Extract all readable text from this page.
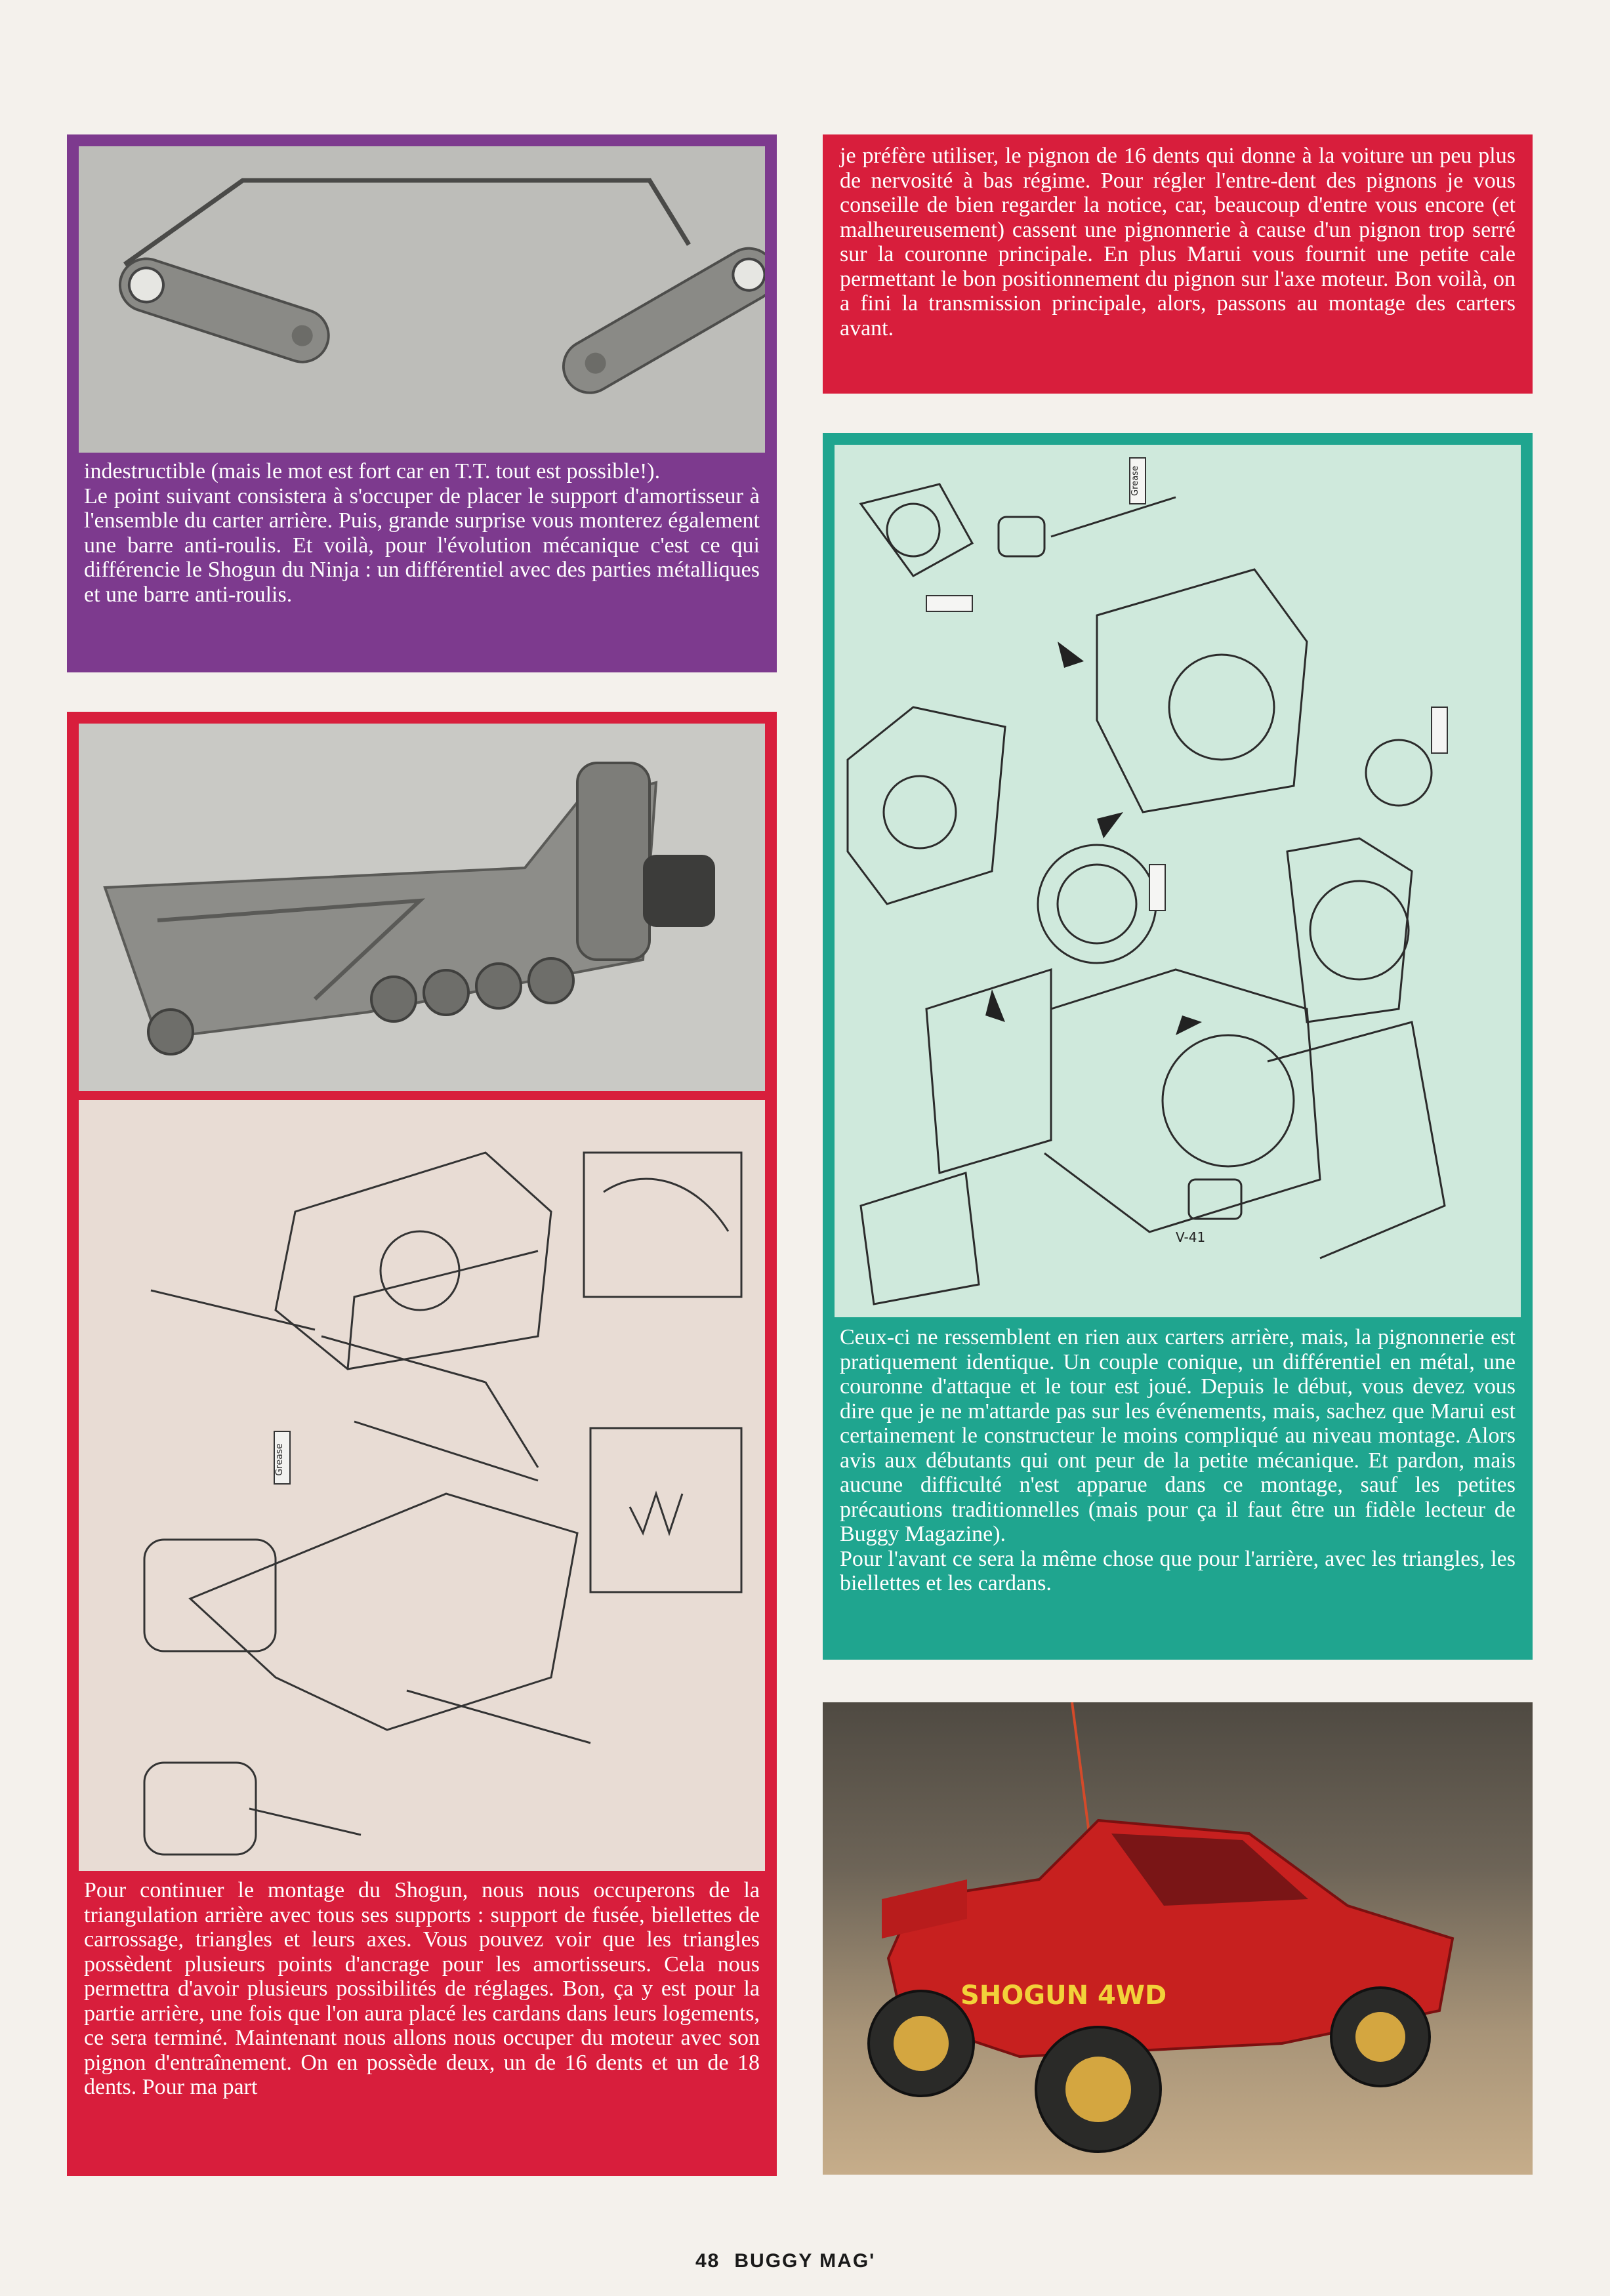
indestructible (mais le mot est fort car en T.T. tout est possible!).
Le point suivant consistera à s'occuper de placer le support d'amortisseur à l'ensemble du carter arrière. Puis, grande surprise vous monterez également une barre anti-roulis. Et voilà, pour l'évolution mécanique c'est ce qui différencie le Shogun du Ninja : un différentiel avec des parties métalliques et une barre anti-roulis.
Grease
Pour continuer le montage du Shogun, nous nous occuperons de la triangulation arrière avec tous ses supports : support de fusée, biellettes de carrossage, triangles et leurs axes. Vous pouvez voir que les triangles possèdent plusieurs points d'ancrage pour les amortisseurs. Cela nous permettra d'avoir plusieurs possibilités de réglages. Bon, ça y est pour la partie arrière, une fois que l'on aura placé les cardans dans leurs logements, ce sera terminé. Maintenant nous allons nous occuper du moteur avec son pignon d'entraînement. On en possède deux, un de 16 dents et un de 18 dents. Pour ma part
je préfère utiliser, le pignon de 16 dents qui donne à la voiture un peu plus de nervosité à bas régime. Pour régler l'entre-dent des pignons je vous conseille de bien regarder la notice, car, beaucoup d'entre vous encore (et malheureusement) cassent une pignonnerie à cause d'un pignon trop serré sur la couronne principale. En plus Marui vous fournit une petite cale permettant le bon positionnement du pignon sur l'axe moteur. Bon voilà, on a fini la transmission principale, alors, passons au montage des carters avant.
Grease
V-41
Ceux-ci ne ressemblent en rien aux carters arrière, mais, la pignonnerie est pratiquement identique. Un couple conique, un différentiel en métal, une couronne d'attaque et le tour est joué. Depuis le début, vous devez vous dire que je ne m'attarde pas sur les événements, mais, sachez que Marui est certainement le constructeur le moins compliqué au niveau montage. Alors avis aux débutants qui ont peur de la petite mécanique. Et pardon, mais aucune difficulté n'est apparue dans ce montage, sauf les petites précautions traditionnelles (mais pour ça il faut être un fidèle lecteur de Buggy Magazine).
Pour l'avant ce sera la même chose que pour l'arrière, avec les triangles, les biellettes et les cardans.
SHOGUN 4WD
48 BUGGY MAG'
